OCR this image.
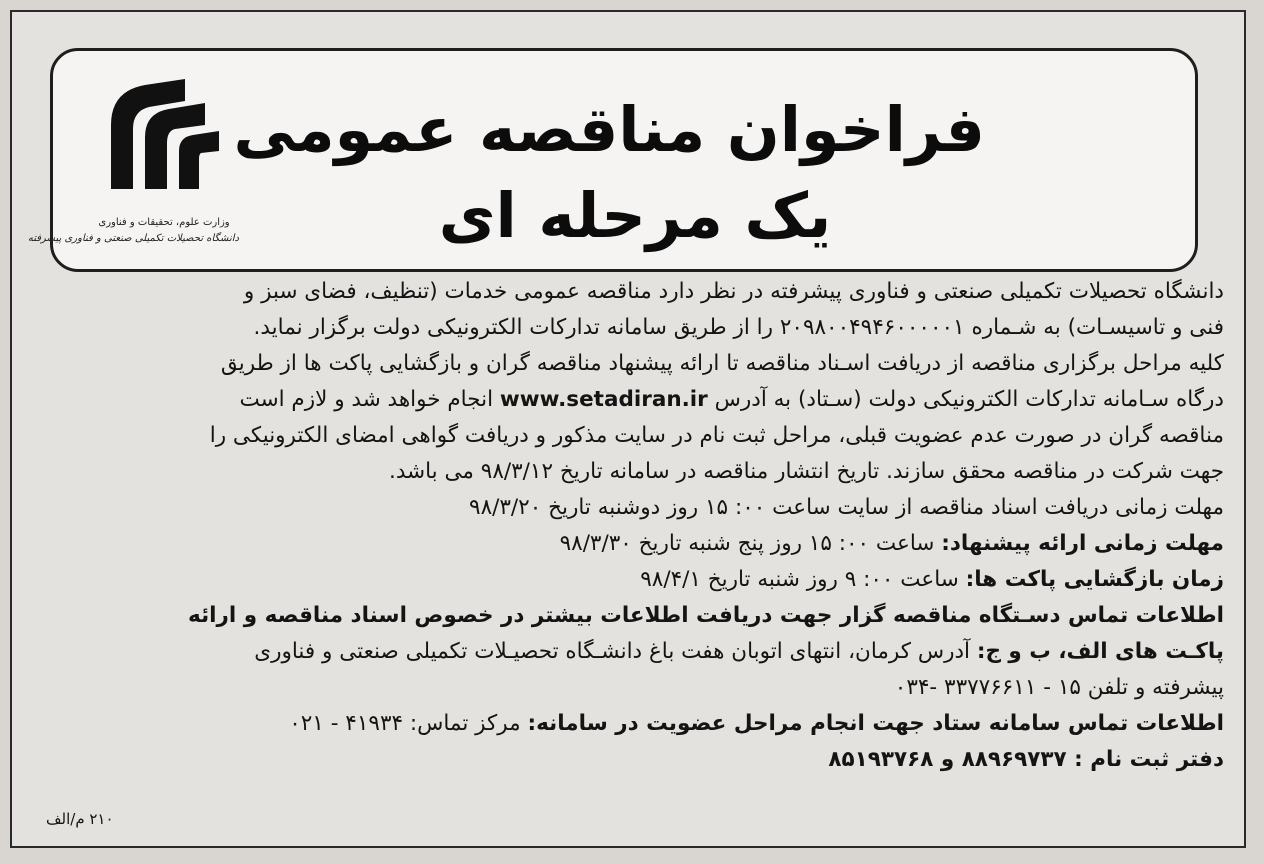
وزارت علوم، تحقیقات و فناوری
دانشگاه تحصیلات تکمیلی صنعتی و فناوری پیشرفته
فراخوان مناقصه عمومی
یک مرحله ای
دانشگاه تحصیلات تکمیلی صنعتی و فناوری پیشرفته در نظر دارد مناقصه عمومی خدمات (تنظیف، فضای سبز و
فنی و تاسیسـات) به شـماره ۲۰۹۸۰۰۴۹۴۶۰۰۰۰۰۱ را از طریق سامانه تدارکات الکترونیکی دولت برگزار نماید.
کلیه مراحل برگزاری مناقصه از دریافت اسـناد مناقصه تا ارائه پیشنهاد مناقصه گران و بازگشایی پاکت ها از طریق
درگاه سـامانه تدارکات الکترونیکی دولت (سـتاد) به آدرس www.setadiran.ir انجام خواهد شد و لازم است
مناقصه گران در صورت عدم عضویت قبلی، مراحل ثبت نام در سایت مذکور و دریافت گواهی امضای الکترونیکی را
جهت شرکت در مناقصه محقق سازند. تاریخ انتشار مناقصه در سامانه تاریخ ۹۸/۳/۱۲ می باشد.
مهلت زمانی دریافت اسناد مناقصه از سایت ساعت ۰۰: ۱۵ روز دوشنبه تاریخ ۹۸/۳/۲۰
مهلت زمانی ارائه پیشنهاد: ساعت ۰۰: ۱۵ روز پنج شنبه تاریخ ۹۸/۳/۳۰
زمان بازگشایی پاکت ها: ساعت ۰۰: ۹ روز شنبه تاریخ ۹۸/۴/۱
اطلاعات تماس دسـتگاه مناقصه گزار جهت دریافت اطلاعات بیشتر در خصوص اسناد مناقصه و ارائه
پاکـت های الف، ب و ج: آدرس کرمان، انتهای اتوبان هفت باغ دانشـگاه تحصیـلات تکمیلی صنعتی و فناوری
پیشرفته و تلفن ۱۵ - ۳۳۷۷۶۶۱۱ -۰۳۴
اطلاعات تماس سامانه ستاد جهت انجام مراحل عضویت در سامانه: مرکز تماس: ۴۱۹۳۴ - ۰۲۱
دفتر ثبت نام : ۸۸۹۶۹۷۳۷ و ۸۵۱۹۳۷۶۸
۲۱۰ م/الف
